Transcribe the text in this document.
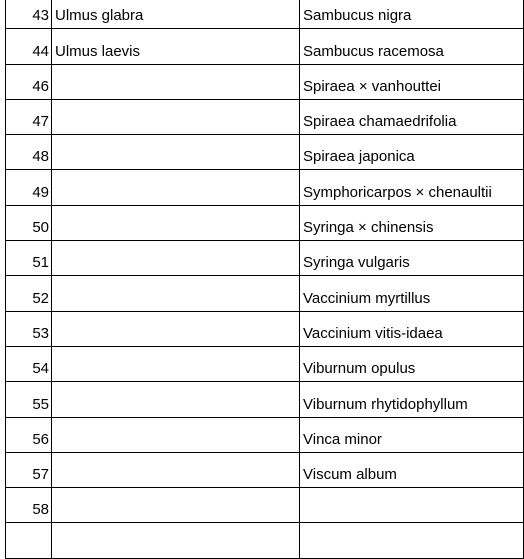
	43	Ulmus glabra	Sambucus nigra
	44	Ulmus laevis	Sambucus racemosa
	46		Spiraea × vanhouttei
	47		Spiraea chamaedrifolia
	48		Spiraea japonica
	49		Symphoricarpos × chenaultii
	50		Syringa × chinensis
	51		Syringa vulgaris
	52		Vaccinium myrtillus
	53		Vaccinium vitis-idaea
	54		Viburnum opulus
	55		Viburnum rhytidophyllum
	56		Vinca minor
	57		Viscum album
	58		
